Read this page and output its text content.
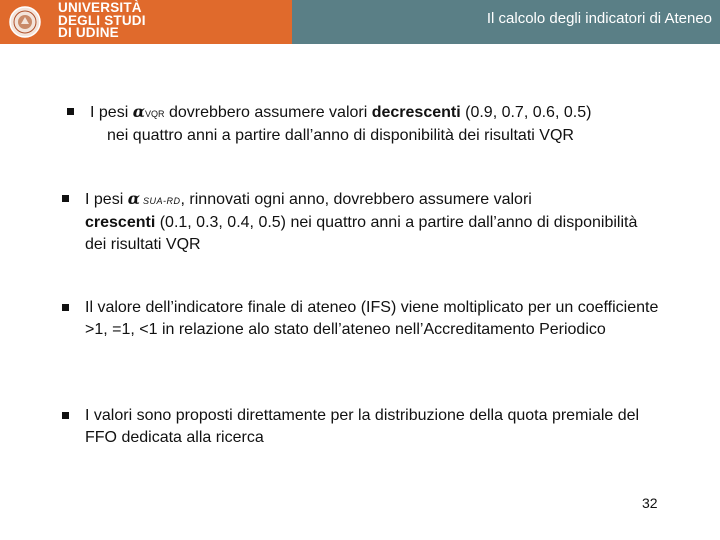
UNIVERSITÀ
DEGLI STUDI
DI UDINE
Il calcolo degli indicatori di Ateneo
I pesi αVQR dovrebbero assumere valori decrescenti (0.9, 0.7, 0.6, 0.5)
nei quattro anni a partire dall’anno di disponibilità dei risultati VQR
I pesi α SUA-RD, rinnovati ogni anno, dovrebbero assumere valori
crescenti (0.1, 0.3, 0.4, 0.5) nei quattro anni a partire dall’anno di disponibilità dei risultati VQR
Il valore dell’indicatore finale di ateneo (IFS) viene moltiplicato per un coefficiente >1, =1, <1 in relazione alo stato dell’ateneo nell’Accreditamento Periodico
I valori sono proposti direttamente per la distribuzione della quota premiale del FFO dedicata alla ricerca
32
